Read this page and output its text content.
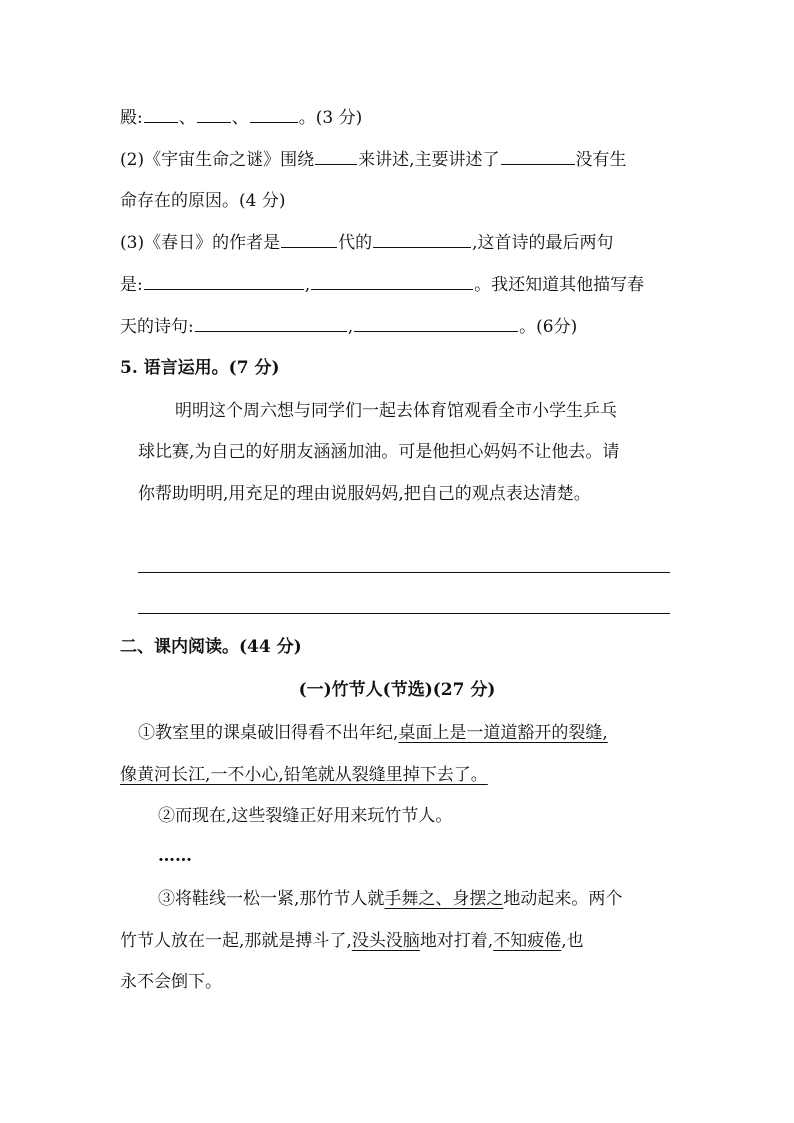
殿: 、 、	。(3 分)
(2)《宇宙生命之谜》围绕	来讲述,主要讲述了	没有生
命存在的原因。(4 分)
(3)《春日》的作者是	代的	,这首诗的最后两句
是:	,	。我还知道其他描写春
天的诗句:	,	。(6分)
5. 语言运用。(7 分)
明明这个周六想与同学们一起去体育馆观看全市小学生乒乓
球比赛,为自己的好朋友涵涵加油。可是他担心妈妈不让他去。请
你帮助明明,用充足的理由说服妈妈,把自己的观点表达清楚。
二、课内阅读。(44 分)
(一)竹节人(节选)(27 分)
①教室里的课桌破旧得看不出年纪,桌面上是一道道豁开的裂缝,
像黄河长江,一不小心,铅笔就从裂缝里掉下去了。
②而现在,这些裂缝正好用来玩竹节人。
……
③将鞋线一松一紧,那竹节人就手舞之、身摆之地动起来。两个
竹节人放在一起,那就是搏斗了,没头没脑地对打着,不知疲倦,也
永不会倒下。
